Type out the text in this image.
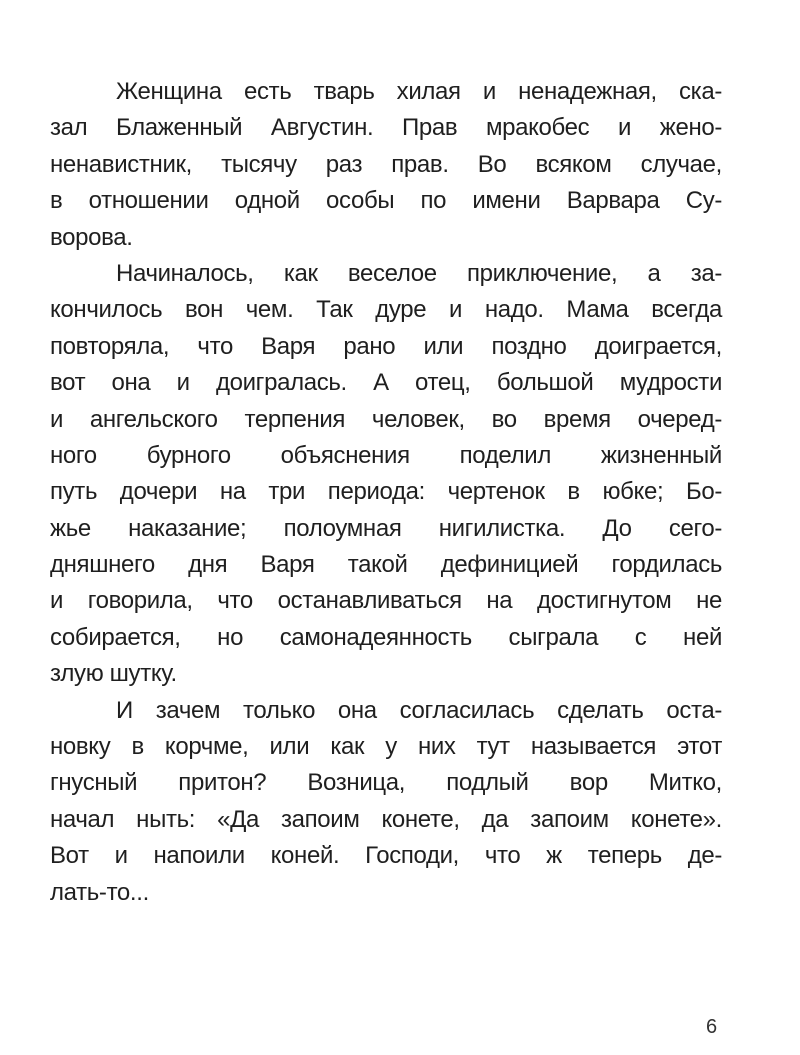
Женщина есть тварь хилая и ненадежная, ска-
зал Блаженный Августин. Прав мракобес и жено-
ненавистник, тысячу раз прав. Во всяком случае,
в отношении одной особы по имени Варвара Су-
ворова.
Начиналось, как веселое приключение, а за-
кончилось вон чем. Так дуре и надо. Мама всегда
повторяла, что Варя рано или поздно доиграется,
вот она и доигралась. А отец, большой мудрости
и ангельского терпения человек, во время очеред-
ного бурного объяснения поделил жизненный
путь дочери на три периода: чертенок в юбке; Бо-
жье наказание; полоумная нигилистка. До сего-
дняшнего дня Варя такой дефиницией гордилась
и говорила, что останавливаться на достигнутом не
собирается, но самонадеянность сыграла с ней
злую шутку.
И зачем только она согласилась сделать оста-
новку в корчме, или как у них тут называется этот
гнусный притон? Возница, подлый вор Митко,
начал ныть: «Да запоим конете, да запоим конете».
Вот и напоили коней. Господи, что ж теперь де-
лать-то...
6
